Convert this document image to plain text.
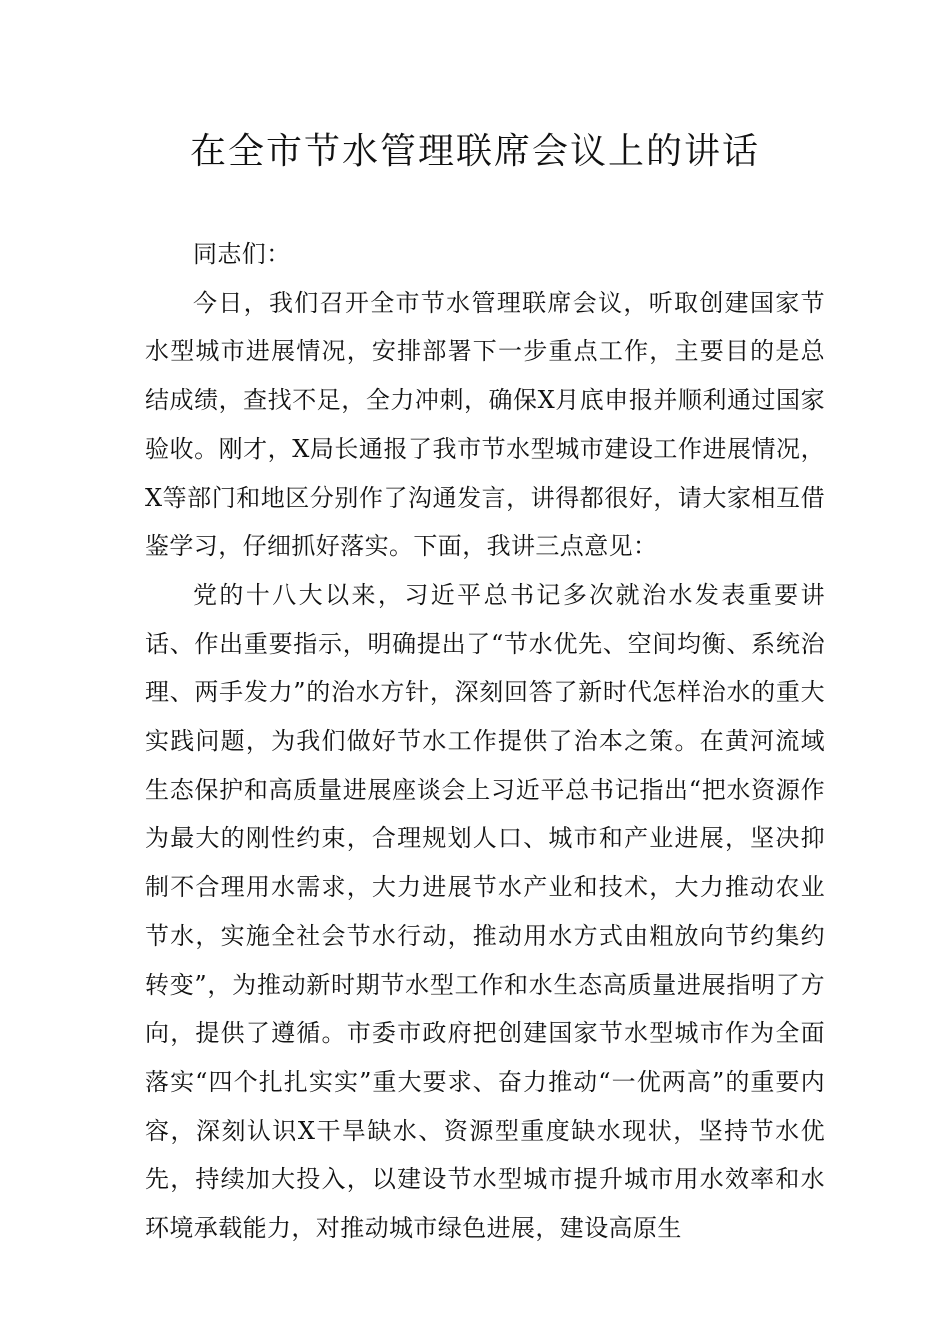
在全市节水管理联席会议上的讲话

同志们：

今日，我们召开全市节水管理联席会议，听取创建国家节水型城市进展情况，安排部署下一步重点工作，主要目的是总结成绩，查找不足，全力冲刺，确保X月底申报并顺利通过国家验收。刚才，X局长通报了我市节水型城市建设工作进展情况，X等部门和地区分别作了沟通发言，讲得都很好，请大家相互借鉴学习，仔细抓好落实。下面，我讲三点意见：

党的十八大以来，习近平总书记多次就治水发表重要讲话、作出重要指示，明确提出了“节水优先、空间均衡、系统治理、两手发力”的治水方针，深刻回答了新时代怎样治水的重大实践问题，为我们做好节水工作提供了治本之策。在黄河流域生态保护和高质量进展座谈会上习近平总书记指出“把水资源作为最大的刚性约束，合理规划人口、城市和产业进展，坚决抑制不合理用水需求，大力进展节水产业和技术，大力推动农业节水，实施全社会节水行动，推动用水方式由粗放向节约集约转变”，为推动新时期节水型工作和水生态高质量进展指明了方向，提供了遵循。市委市政府把创建国家节水型城市作为全面落实“四个扎扎实实”重大要求、奋力推动“一优两高”的重要内容，深刻认识X干旱缺水、资源型重度缺水现状，坚持节水优先，持续加大投入，以建设节水型城市提升城市用水效率和水环境承载能力，对推动城市绿色进展，建设高原生
